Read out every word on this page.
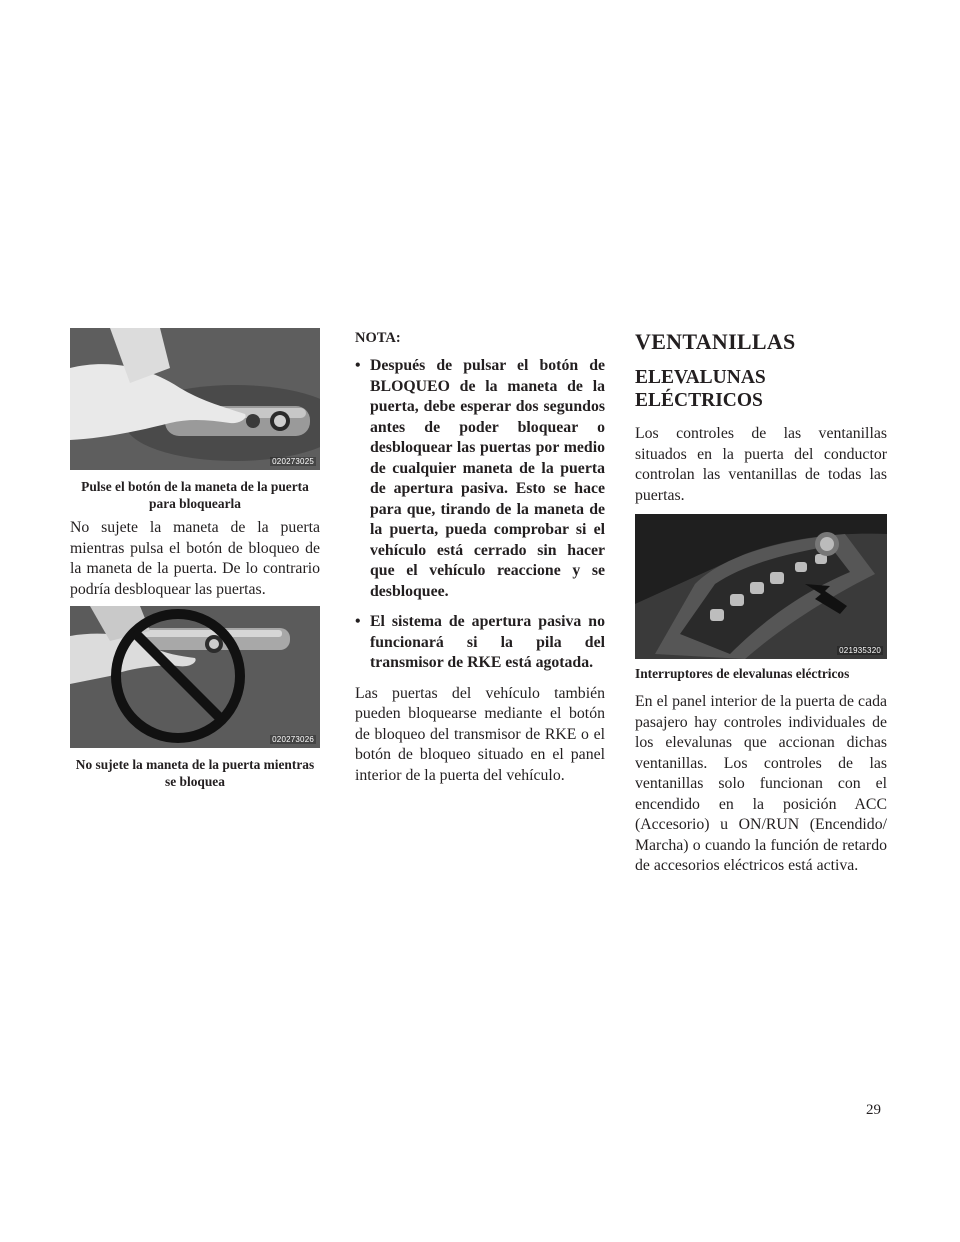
020273025

Pulse el botón de la maneta de la puerta para bloquearla

No sujete la maneta de la puerta mientras pulsa el botón de bloqueo de la maneta de la puerta. De lo contrario podría desbloquear las puertas.

020273026

No sujete la maneta de la puerta mientras se bloquea

NOTA:

• Después de pulsar el botón de BLOQUEO de la maneta de la puerta, debe esperar dos segundos antes de poder bloquear o desbloquear las puertas por medio de cualquier maneta de la puerta de apertura pasiva. Esto se hace para que, tirando de la maneta de la puerta, pueda comprobar si el vehículo está cerrado sin hacer que el vehículo reaccione y se desbloquee.
• El sistema de apertura pasiva no funcionará si la pila del transmisor de RKE está agotada.

Las puertas del vehículo también pueden bloquearse mediante el botón de bloqueo del transmisor de RKE o el botón de bloqueo situado en el panel interior de la puerta del vehículo.

VENTANILLAS
ELEVALUNAS ELÉCTRICOS

Los controles de las ventanillas situados en la puerta del conductor controlan las ventanillas de todas las puertas.

021935320

Interruptores de elevalunas eléctricos

En el panel interior de la puerta de cada pasajero hay controles individuales de los elevalunas que accionan dichas ventanillas. Los controles de las ventanillas solo funcionan con el encendido en la posición ACC (Accesorio) u ON/RUN (Encendido/ Marcha) o cuando la función de retardo de accesorios eléctricos está activa.

29
